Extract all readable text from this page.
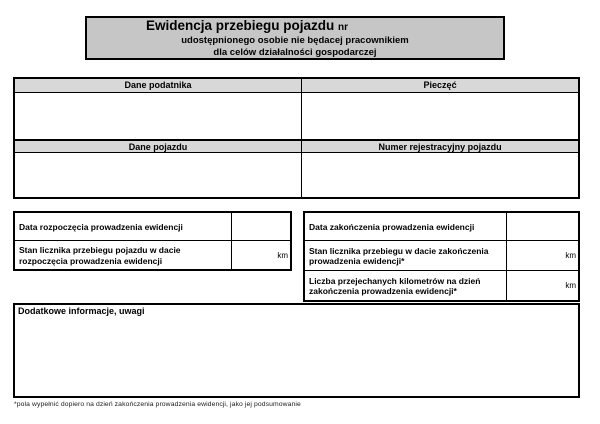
Ewidencja przebiegu pojazdu nr
udostępnionego osobie nie będacej pracownikiem
dla celów działalności gospodarczej
Dane podatnika	Pieczęć
Dane pojazdu	Numer rejestracyjny pojazdu
Data rozpoczęcia prowadzenia ewidencji
Stan licznika przebiegu pojazdu w dacie rozpoczęcia prowadzenia ewidencji
km
Data zakończenia prowadzenia ewidencji
Stan licznika przebiegu w dacie zakończenia prowadzenia ewidencji*
km
Liczba przejechanych kilometrów na dzień zakończenia prowadzenia ewidencji*
km
Dodatkowe informacje, uwagi
*pola wypełnić dopiero na dzień zakończenia prowadzenia ewidencji, jako jej podsumowanie
